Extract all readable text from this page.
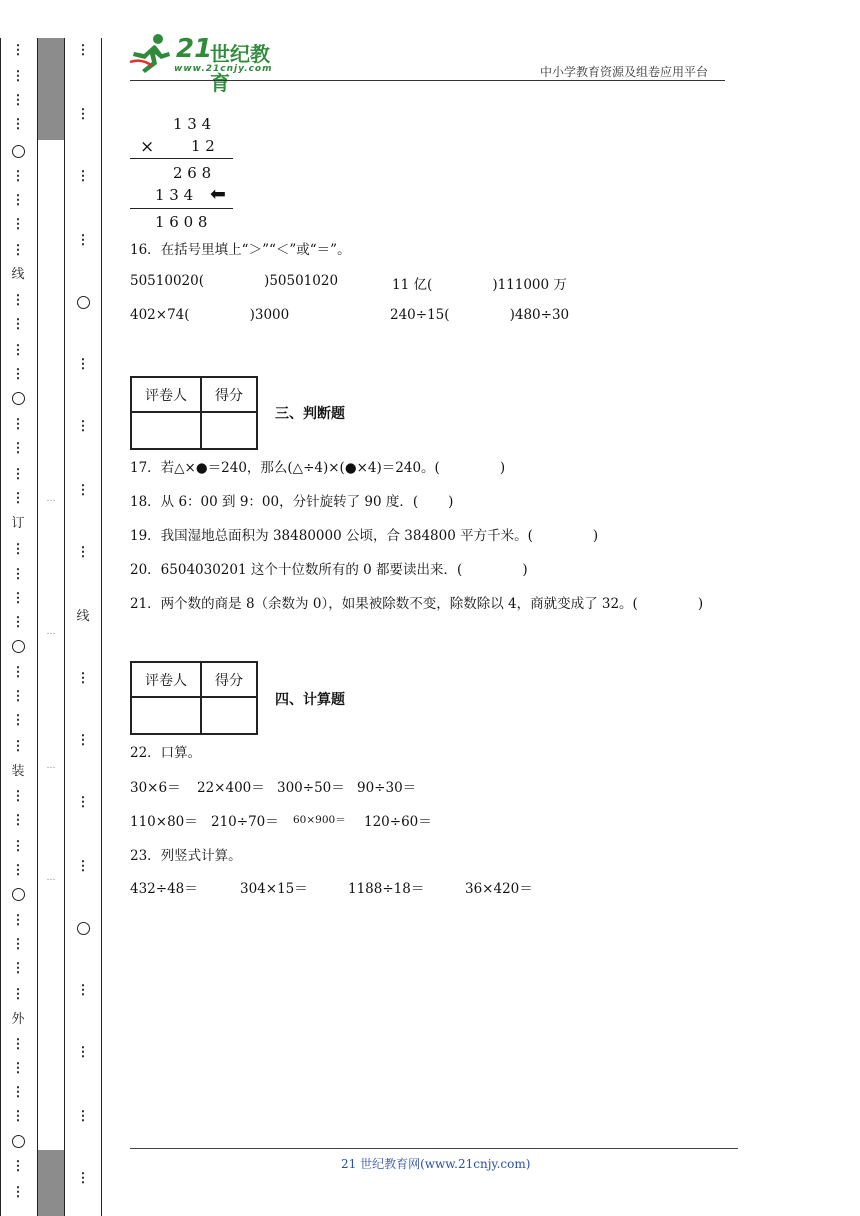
⋮
⋮
⋮
⋮
⋮
⋮
⋮
⋮
线
⋮
⋮
⋮
⋮
⋮
⋮
⋮
⋮
订
⋮
⋮
⋮
⋮
⋮
⋮
⋮
⋮
装
⋮
⋮
⋮
⋮
⋮
⋮
⋮
⋮
外
⋮
⋮
⋮
⋮
⋮
⋮
…
…
…
…
⋮
⋮
⋮
⋮
⋮
⋮
⋮
⋮
线
⋮
⋮
⋮
⋮
⋮
⋮
⋮
⋮
21
世纪教育
www.21cnjy.com	中小学教育资源及组卷应用平台
1 3 4
× 1 2
2 6 8
1 3 4 ⬅
1 6 0 8
16．在括号里填上“＞”“＜”或“＝”。
50510020(              )50501020	11 亿(              )111000 万
402×74(              )3000	240÷15(              )480÷30
评卷人	得分

三、判断题
17．若△×●＝240，那么(△÷4)×(●×4)＝240。(              )
18．从 6：00 到 9：00，分针旋转了 90 度．(       )
19．我国湿地总面积为 38480000 公顷，合 384800 平方千米。(              )
20．6504030201 这个十位数所有的 0 都要读出来．(              )
21．两个数的商是 8（余数为 0），如果被除数不变，除数除以 4，商就变成了 32。(              )
评卷人	得分

四、计算题
22．口算。
30×6＝ 22×400＝ 300÷50＝ 90÷30＝
110×80＝ 210÷70＝ 60×900＝ 120÷60＝
23．列竖式计算。
432÷48＝	304×15＝	1188÷18＝	36×420＝
21 世纪教育网(www.21cnjy.com)
